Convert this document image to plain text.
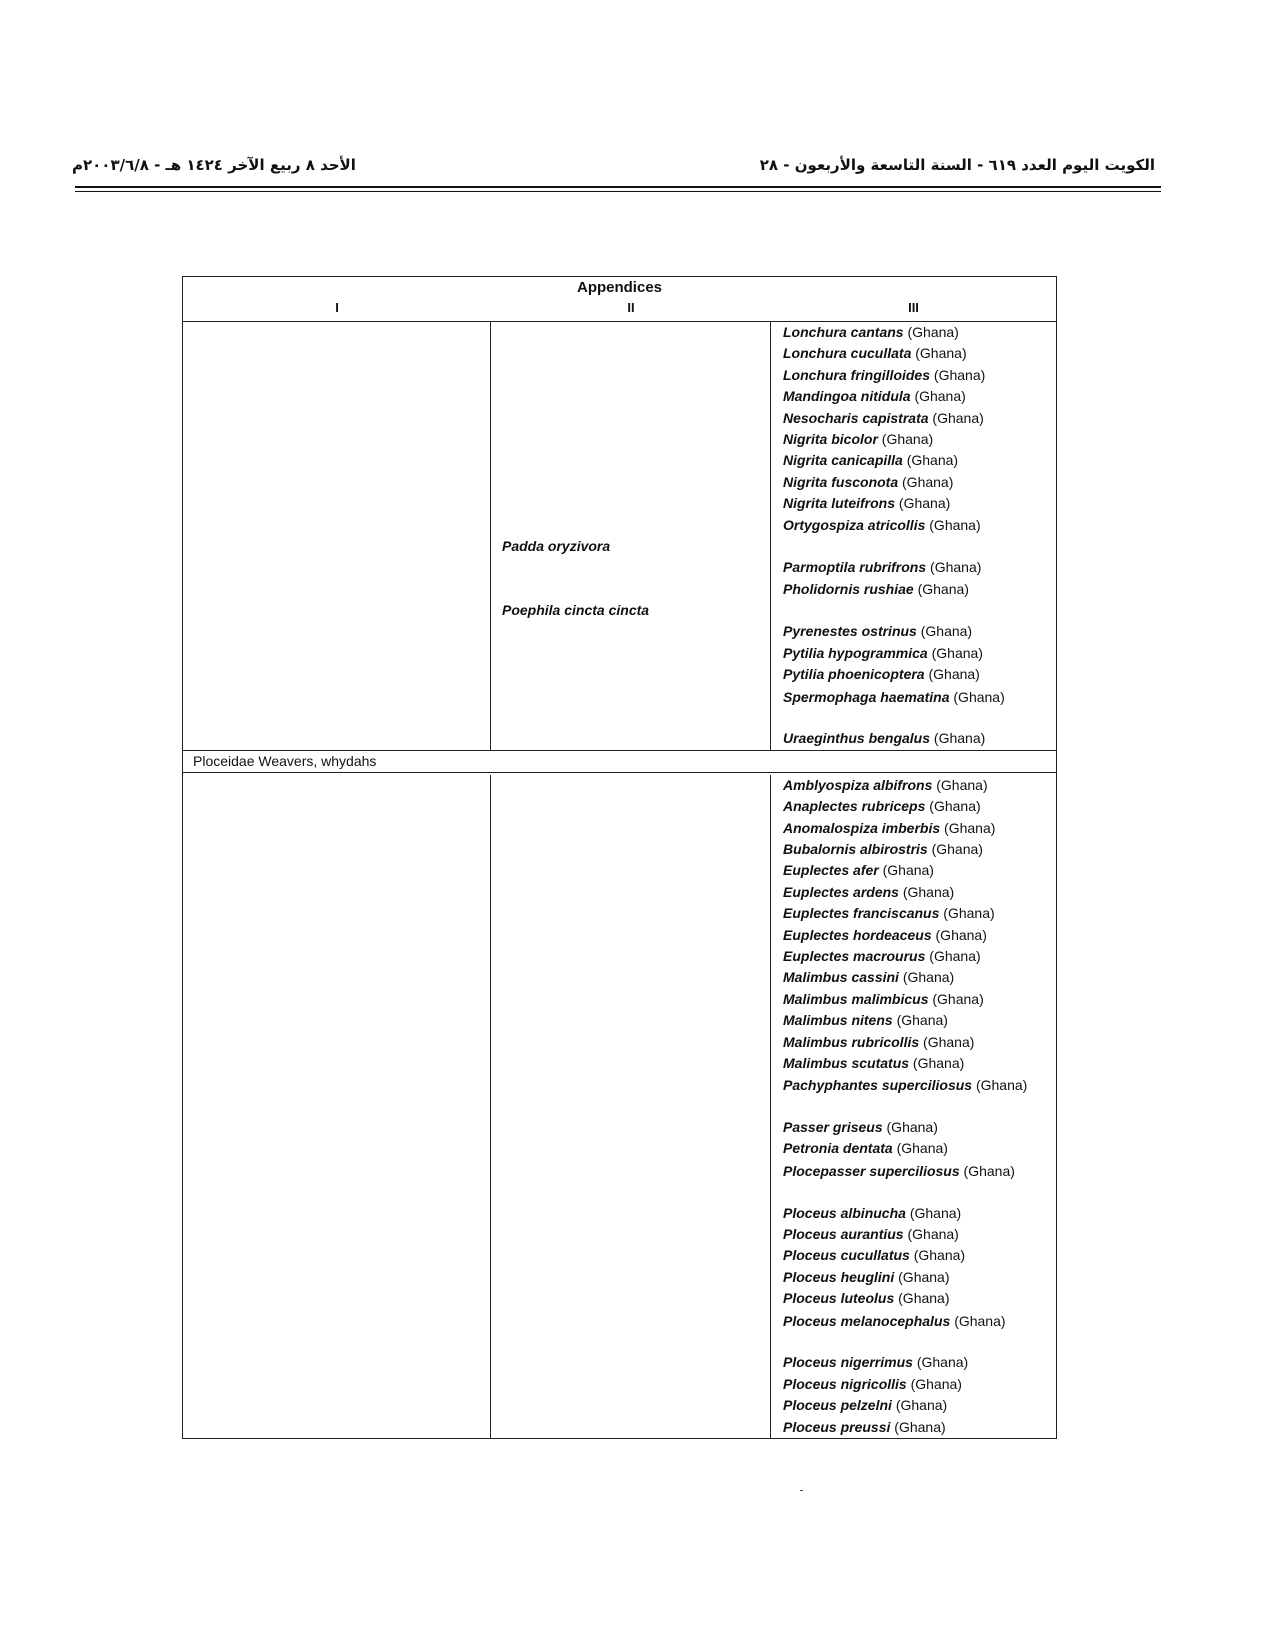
الكويت اليوم العدد ٦١٩ - السنة التاسعة والأربعون - ٢٨
الأحد ٨ ربيع الآخر ١٤٢٤ هـ - ٢٠٠٣/٦/٨م
Appendices
I	II	III
Padda oryzivora
Poephila cincta cincta
Lonchura cantans (Ghana)
Lonchura cucullata (Ghana)
Lonchura fringilloides (Ghana)
Mandingoa nitidula (Ghana)
Nesocharis capistrata (Ghana)
Nigrita bicolor (Ghana)
Nigrita canicapilla (Ghana)
Nigrita fusconota (Ghana)
Nigrita luteifrons (Ghana)
Ortygospiza atricollis (Ghana)
Parmoptila rubrifrons (Ghana)
Pholidornis rushiae (Ghana)
Pyrenestes ostrinus (Ghana)
Pytilia hypogrammica (Ghana)
Pytilia phoenicoptera (Ghana)
Spermophaga haematina (Ghana)
Uraeginthus bengalus (Ghana)
Ploceidae Weavers, whydahs
Amblyospiza albifrons (Ghana)
Anaplectes rubriceps (Ghana)
Anomalospiza imberbis (Ghana)
Bubalornis albirostris (Ghana)
Euplectes afer (Ghana)
Euplectes ardens (Ghana)
Euplectes franciscanus (Ghana)
Euplectes hordeaceus (Ghana)
Euplectes macrourus (Ghana)
Malimbus cassini (Ghana)
Malimbus malimbicus (Ghana)
Malimbus nitens (Ghana)
Malimbus rubricollis (Ghana)
Malimbus scutatus (Ghana)
Pachyphantes superciliosus (Ghana)
Passer griseus (Ghana)
Petronia dentata (Ghana)
Plocepasser superciliosus (Ghana)
Ploceus albinucha (Ghana)
Ploceus aurantius (Ghana)
Ploceus cucullatus (Ghana)
Ploceus heuglini (Ghana)
Ploceus luteolus (Ghana)
Ploceus melanocephalus (Ghana)
Ploceus nigerrimus (Ghana)
Ploceus nigricollis (Ghana)
Ploceus pelzelni (Ghana)
Ploceus preussi (Ghana)
